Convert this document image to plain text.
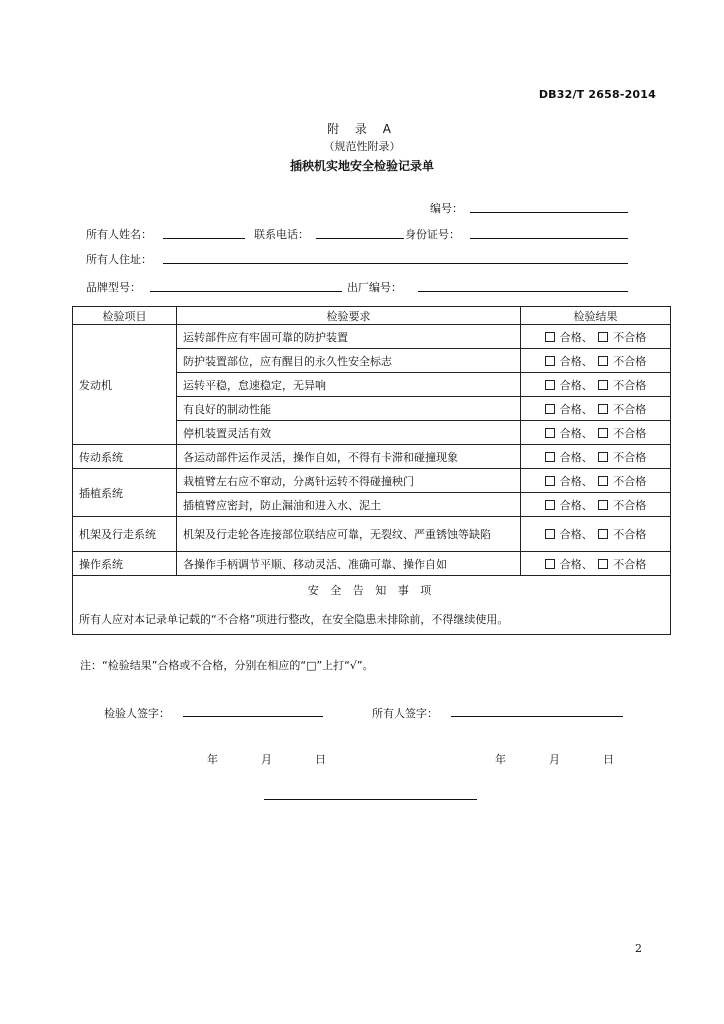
DB32/T 2658-2014
附 录 A
（规范性附录）
插秧机实地安全检验记录单
编号：
所有人姓名：	联系电话：	身份证号：
所有人住址：
品牌型号：	出厂编号：
检验项目	检验要求	检验结果
发动机	运转部件应有牢固可靠的防护装置	合格、 不合格
	防护装置部位，应有醒目的永久性安全标志	合格、 不合格
	运转平稳，怠速稳定，无异响	合格、 不合格
	有良好的制动性能	合格、 不合格
	停机装置灵活有效	合格、 不合格
传动系统	各运动部件运作灵活，操作自如，不得有卡滞和碰撞现象	合格、 不合格
插植系统	栽植臂左右应不窜动，分离针运转不得碰撞秧门	合格、 不合格
	插植臂应密封，防止漏油和进入水、泥土	合格、 不合格
机架及行走系统	机架及行走轮各连接部位联结应可靠，无裂纹、严重锈蚀等缺陷	合格、 不合格
操作系统	各操作手柄调节平顺、移动灵活、准确可靠、操作自如	合格、 不合格
安 全 告 知 事 项		
所有人应对本记录单记载的“不合格”项进行整改，在安全隐患未排除前，不得继续使用。		
注：“检验结果”合格或不合格，分别在相应的“□”上打“√”。
检验人签字：	所有人签字：
年	月	日	年	月	日
2
